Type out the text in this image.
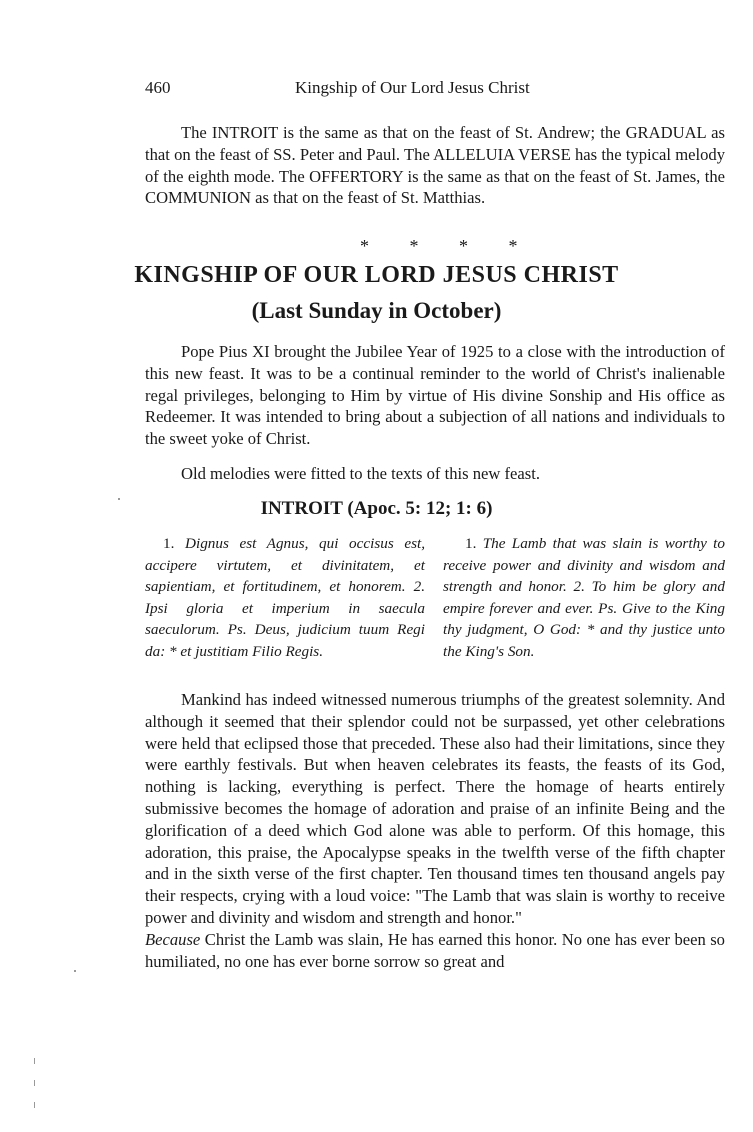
460	Kingship of Our Lord Jesus Christ

The INTROIT is the same as that on the feast of St. Andrew; the GRADUAL as that on the feast of SS. Peter and Paul. The ALLELUIA VERSE has the typical melody of the eighth mode. The OFFERTORY is the same as that on the feast of St. James, the COMMUNION as that on the feast of St. Matthias.

* * * *
KINGSHIP OF OUR LORD JESUS CHRIST
(Last Sunday in October)

Pope Pius XI brought the Jubilee Year of 1925 to a close with the introduction of this new feast. It was to be a continual reminder to the world of Christ's inalienable regal privileges, belonging to Him by virtue of His divine Sonship and His office as Redeemer. It was intended to bring about a subjection of all nations and individuals to the sweet yoke of Christ.

Old melodies were fitted to the texts of this new feast.

INTROIT (Apoc. 5: 12; 1: 6)

1. Dignus est Agnus, qui occisus est, accipere virtutem, et divinitatem, et sapientiam, et fortitudinem, et honorem. 2. Ipsi gloria et imperium in saecula saeculorum. Ps. Deus, judicium tuum Regi da: * et justitiam Filio Regis.

1. The Lamb that was slain is worthy to receive power and divinity and wisdom and strength and honor. 2. To him be glory and empire forever and ever. Ps. Give to the King thy judgment, O God: * and thy justice unto the King's Son.

Mankind has indeed witnessed numerous triumphs of the greatest solemnity. And although it seemed that their splendor could not be surpassed, yet other celebrations were held that eclipsed those that preceded. These also had their limitations, since they were earthly festivals. But when heaven celebrates its feasts, the feasts of its God, nothing is lacking, everything is perfect. There the homage of hearts entirely submissive becomes the homage of adoration and praise of an infinite Being and the glorification of a deed which God alone was able to perform. Of this homage, this adoration, this praise, the Apocalypse speaks in the twelfth verse of the fifth chapter and in the sixth verse of the first chapter. Ten thousand times ten thousand angels pay their respects, crying with a loud voice: "The Lamb that was slain is worthy to receive power and divinity and wisdom and strength and honor."
Because Christ the Lamb was slain, He has earned this honor. No one has ever been so humiliated, no one has ever borne sorrow so great and
